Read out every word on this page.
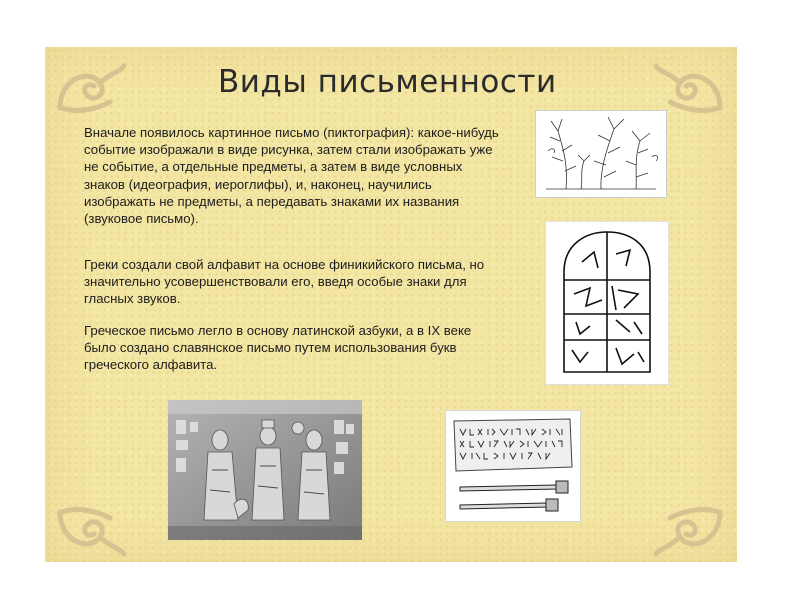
Виды письменности
Вначале появилось картинное письмо (пиктография): какое-нибудь событие изображали в виде рисунка, затем стали изображать уже не событие, а отдельные предметы, а затем в виде условных знаков (идеография, иероглифы), и, наконец, научились изображать не предметы, а передавать знаками их названия (звуковое письмо).
Греки создали свой алфавит на основе финикийского письма, но значительно усовершенствовали его, введя особые знаки для гласных звуков.
Греческое письмо легло в основу латинской азбуки, а в IX веке было создано славянское письмо путем использования букв греческого алфавита.
